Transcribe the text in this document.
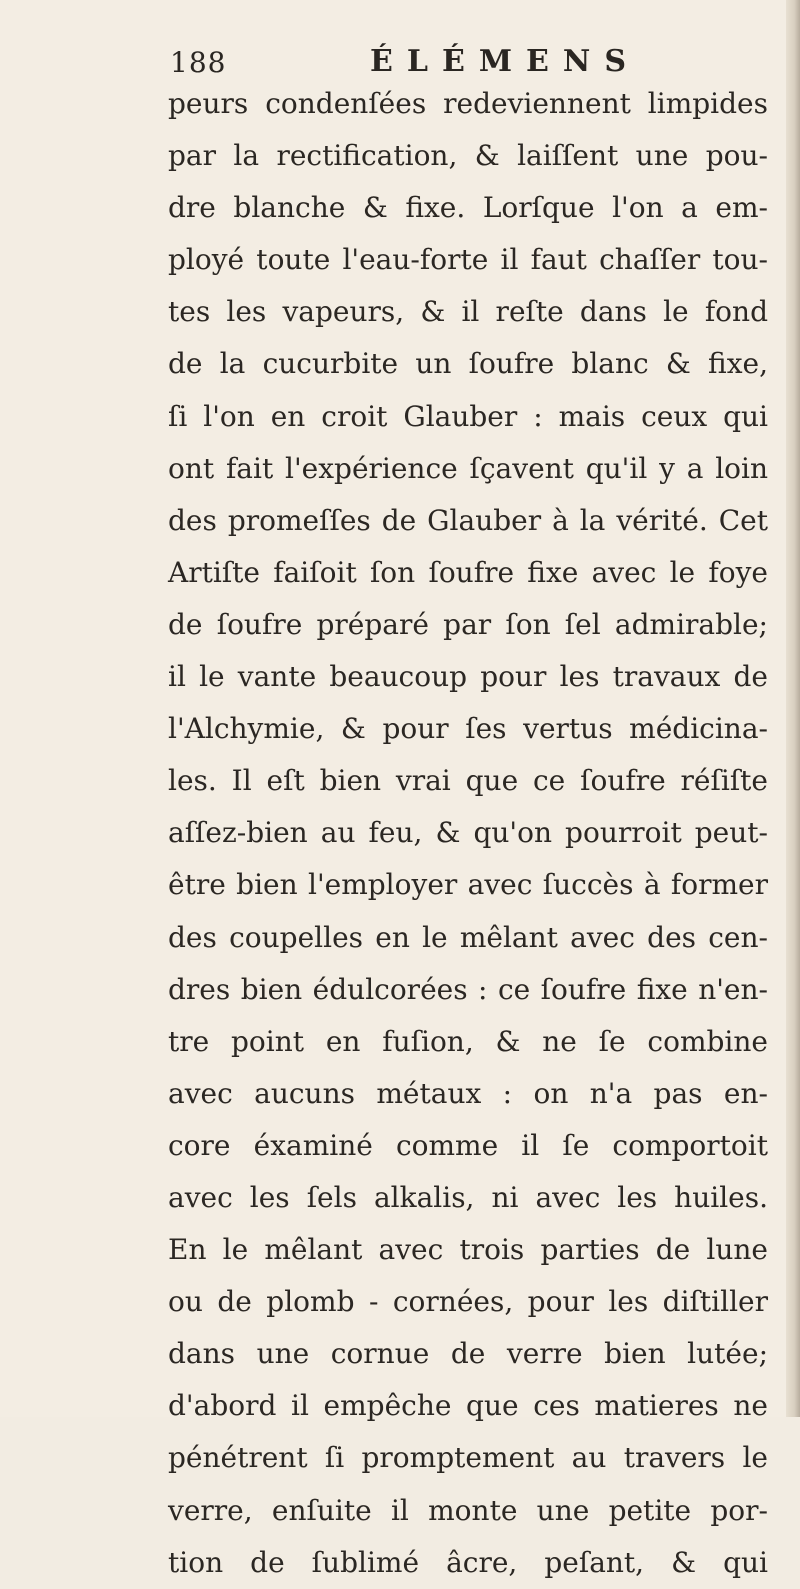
188	ÉLÉMENS
peurs condenſées redeviennent limpides
par la rectification, & laiſſent une pou-
dre blanche & fixe. Lorſque l'on a em-
ployé toute l'eau-forte il faut chaſſer tou-
tes les vapeurs, & il reſte dans le fond
de la cucurbite un ſoufre blanc & fixe,
ſi l'on en croit Glauber : mais ceux qui
ont fait l'expérience ſçavent qu'il y a loin
des promeſſes de Glauber à la vérité. Cet
Artiſte faiſoit ſon ſoufre fixe avec le foye
de ſoufre préparé par ſon ſel admirable;
il le vante beaucoup pour les travaux de
l'Alchymie, & pour ſes vertus médicina-
les. Il eſt bien vrai que ce ſoufre réſiſte
aſſez-bien au feu, & qu'on pourroit peut-
être bien l'employer avec ſuccès à former
des coupelles en le mêlant avec des cen-
dres bien édulcorées : ce ſoufre fixe n'en-
tre point en fuſion, & ne ſe combine
avec aucuns métaux : on n'a pas en-
core éxaminé comme il ſe comportoit
avec les ſels alkalis, ni avec les huiles.
En le mêlant avec trois parties de lune
ou de plomb - cornées, pour les diſtiller
dans une cornue de verre bien lutée;
d'abord il empêche que ces matieres ne
pénétrent ſi promptement au travers le
verre, enſuite il monte une petite por-
tion de ſublimé âcre, peſant, & qui
